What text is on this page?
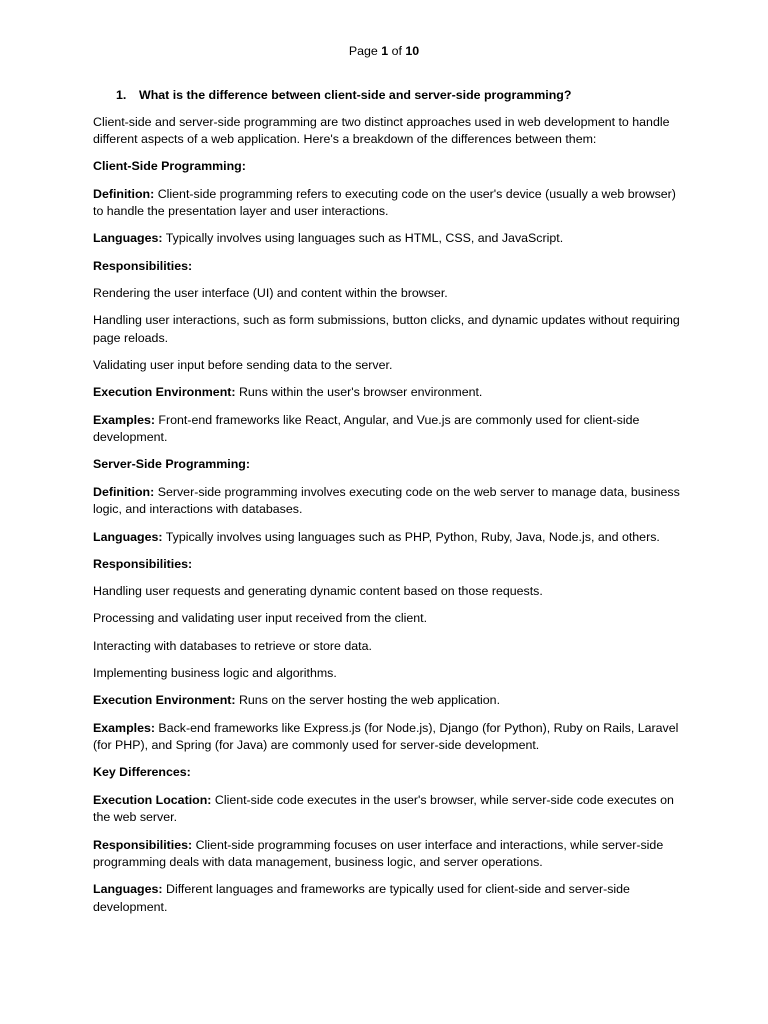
Page 1 of 10
1. What is the difference between client-side and server-side programming?

Client-side and server-side programming are two distinct approaches used in web development to handle different aspects of a web application. Here's a breakdown of the differences between them:

Client-Side Programming:

Definition: Client-side programming refers to executing code on the user's device (usually a web browser) to handle the presentation layer and user interactions.

Languages: Typically involves using languages such as HTML, CSS, and JavaScript.

Responsibilities:

Rendering the user interface (UI) and content within the browser.

Handling user interactions, such as form submissions, button clicks, and dynamic updates without requiring page reloads.

Validating user input before sending data to the server.

Execution Environment: Runs within the user's browser environment.

Examples: Front-end frameworks like React, Angular, and Vue.js are commonly used for client-side development.

Server-Side Programming:

Definition: Server-side programming involves executing code on the web server to manage data, business logic, and interactions with databases.

Languages: Typically involves using languages such as PHP, Python, Ruby, Java, Node.js, and others.

Responsibilities:

Handling user requests and generating dynamic content based on those requests.

Processing and validating user input received from the client.

Interacting with databases to retrieve or store data.

Implementing business logic and algorithms.

Execution Environment: Runs on the server hosting the web application.

Examples: Back-end frameworks like Express.js (for Node.js), Django (for Python), Ruby on Rails, Laravel (for PHP), and Spring (for Java) are commonly used for server-side development.

Key Differences:

Execution Location: Client-side code executes in the user's browser, while server-side code executes on the web server.

Responsibilities: Client-side programming focuses on user interface and interactions, while server-side programming deals with data management, business logic, and server operations.

Languages: Different languages and frameworks are typically used for client-side and server-side development.
